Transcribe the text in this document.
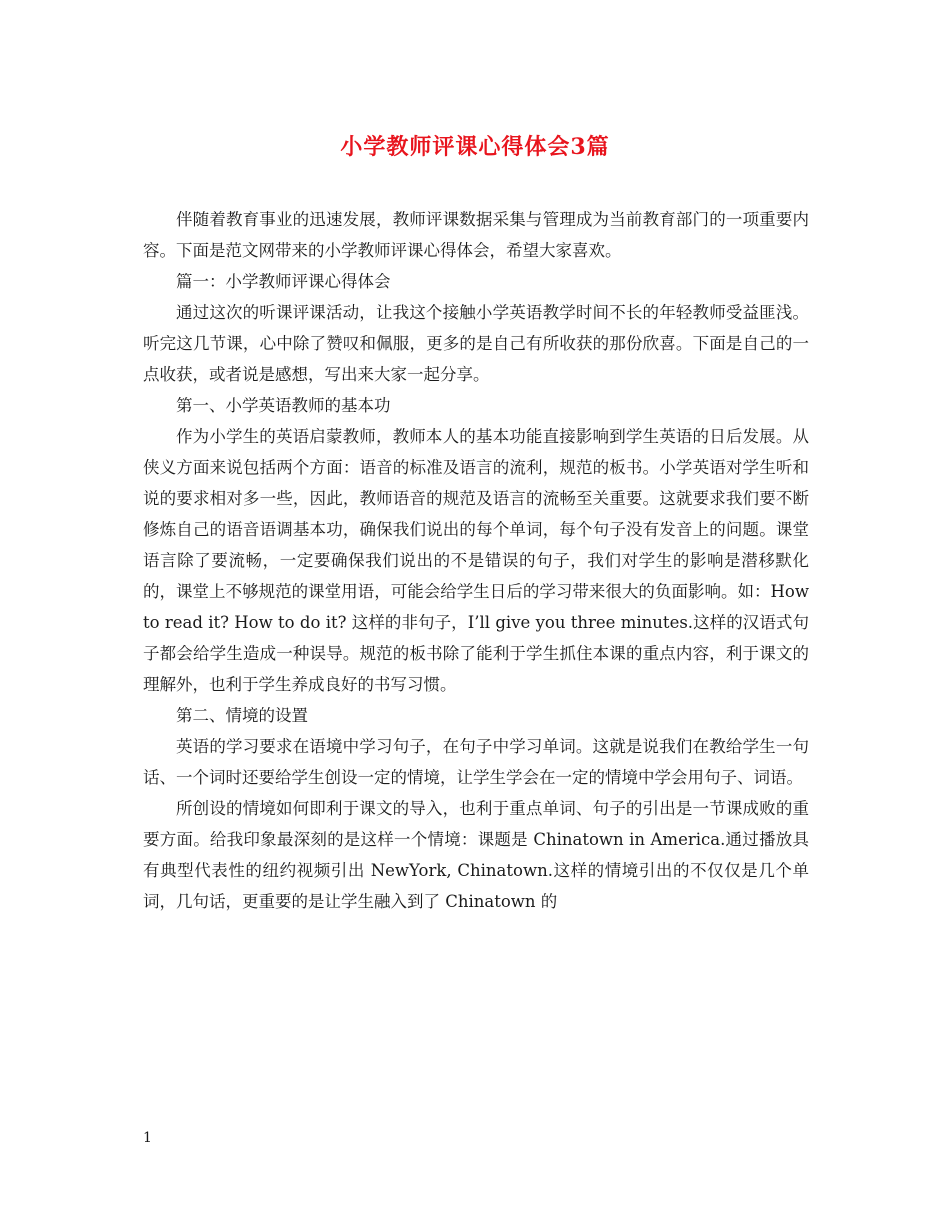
小学教师评课心得体会3篇

伴随着教育事业的迅速发展，教师评课数据采集与管理成为当前教育部门的一项重要内容。下面是范文网带来的小学教师评课心得体会，希望大家喜欢。

篇一：小学教师评课心得体会

通过这次的听课评课活动，让我这个接触小学英语教学时间不长的年轻教师受益匪浅。听完这几节课，心中除了赞叹和佩服，更多的是自己有所收获的那份欣喜。下面是自己的一点收获，或者说是感想，写出来大家一起分享。

第一、小学英语教师的基本功

作为小学生的英语启蒙教师，教师本人的基本功能直接影响到学生英语的日后发展。从侠义方面来说包括两个方面：语音的标准及语言的流利，规范的板书。小学英语对学生听和说的要求相对多一些，因此，教师语音的规范及语言的流畅至关重要。这就要求我们要不断修炼自己的语音语调基本功，确保我们说出的每个单词，每个句子没有发音上的问题。课堂语言除了要流畅，一定要确保我们说出的不是错误的句子，我们对学生的影响是潜移默化的，课堂上不够规范的课堂用语，可能会给学生日后的学习带来很大的负面影响。如：How to read it? How to do it? 这样的非句子，I’ll give you three minutes.这样的汉语式句子都会给学生造成一种误导。规范的板书除了能利于学生抓住本课的重点内容，利于课文的理解外，也利于学生养成良好的书写习惯。

第二、情境的设置

英语的学习要求在语境中学习句子，在句子中学习单词。这就是说我们在教给学生一句话、一个词时还要给学生创设一定的情境，让学生学会在一定的情境中学会用句子、词语。

所创设的情境如何即利于课文的导入，也利于重点单词、句子的引出是一节课成败的重要方面。给我印象最深刻的是这样一个情境：课题是 Chinatown in America.通过播放具有典型代表性的纽约视频引出 NewYork, Chinatown.这样的情境引出的不仅仅是几个单词，几句话，更重要的是让学生融入到了 Chinatown 的

1
